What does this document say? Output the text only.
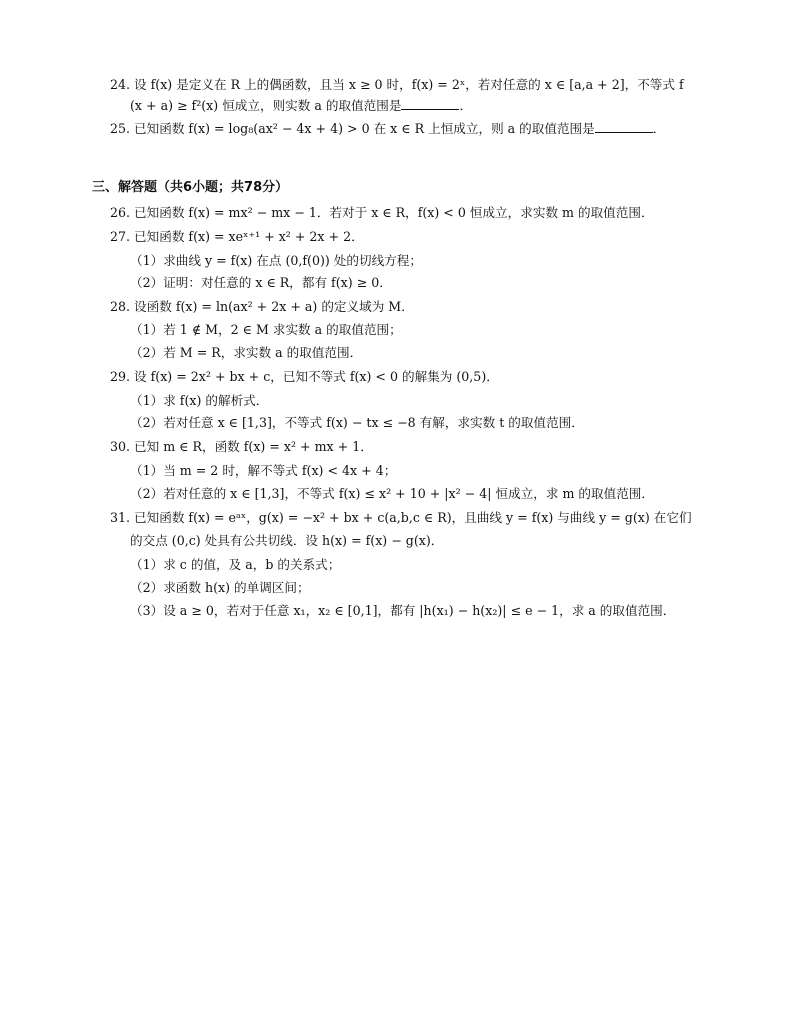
24. 设 f(x) 是定义在 R 上的偶函数，且当 x ≥ 0 时，f(x) = 2ˣ，若对任意的 x ∈ [a,a + 2]，不等式 f
(x + a) ≥ f²(x) 恒成立，则实数 a 的取值范围是	．
25. 已知函数 f(x) = log₈(ax² − 4x + 4) > 0 在 x ∈ R 上恒成立，则 a 的取值范围是	．
三、解答题（共6小题；共78分）
26. 已知函数 f(x) = mx² − mx − 1．若对于 x ∈ R，f(x) < 0 恒成立，求实数 m 的取值范围．
27. 已知函数 f(x) = xeˣ⁺¹ + x² + 2x + 2．
（1）求曲线 y = f(x) 在点 (0,f(0)) 处的切线方程；
（2）证明：对任意的 x ∈ R，都有 f(x) ≥ 0．
28. 设函数 f(x) = ln(ax² + 2x + a) 的定义域为 M．
（1）若 1 ∉ M，2 ∈ M 求实数 a 的取值范围；
（2）若 M = R，求实数 a 的取值范围．
29. 设 f(x) = 2x² + bx + c，已知不等式 f(x) < 0 的解集为 (0,5)．
（1）求 f(x) 的解析式．
（2）若对任意 x ∈ [1,3]，不等式 f(x) − tx ≤ −8 有解，求实数 t 的取值范围．
30. 已知 m ∈ R，函数 f(x) = x² + mx + 1．
（1）当 m = 2 时，解不等式 f(x) < 4x + 4；
（2）若对任意的 x ∈ [1,3]，不等式 f(x) ≤ x² + 10 + |x² − 4| 恒成立，求 m 的取值范围．
31. 已知函数 f(x) = eᵃˣ，g(x) = −x² + bx + c(a,b,c ∈ R)，且曲线 y = f(x) 与曲线 y = g(x) 在它们
的交点 (0,c) 处具有公共切线．设 h(x) = f(x) − g(x)．
（1）求 c 的值，及 a，b 的关系式；
（2）求函数 h(x) 的单调区间；
（3）设 a ≥ 0，若对于任意 x₁，x₂ ∈ [0,1]，都有 |h(x₁) − h(x₂)| ≤ e − 1，求 a 的取值范围．
